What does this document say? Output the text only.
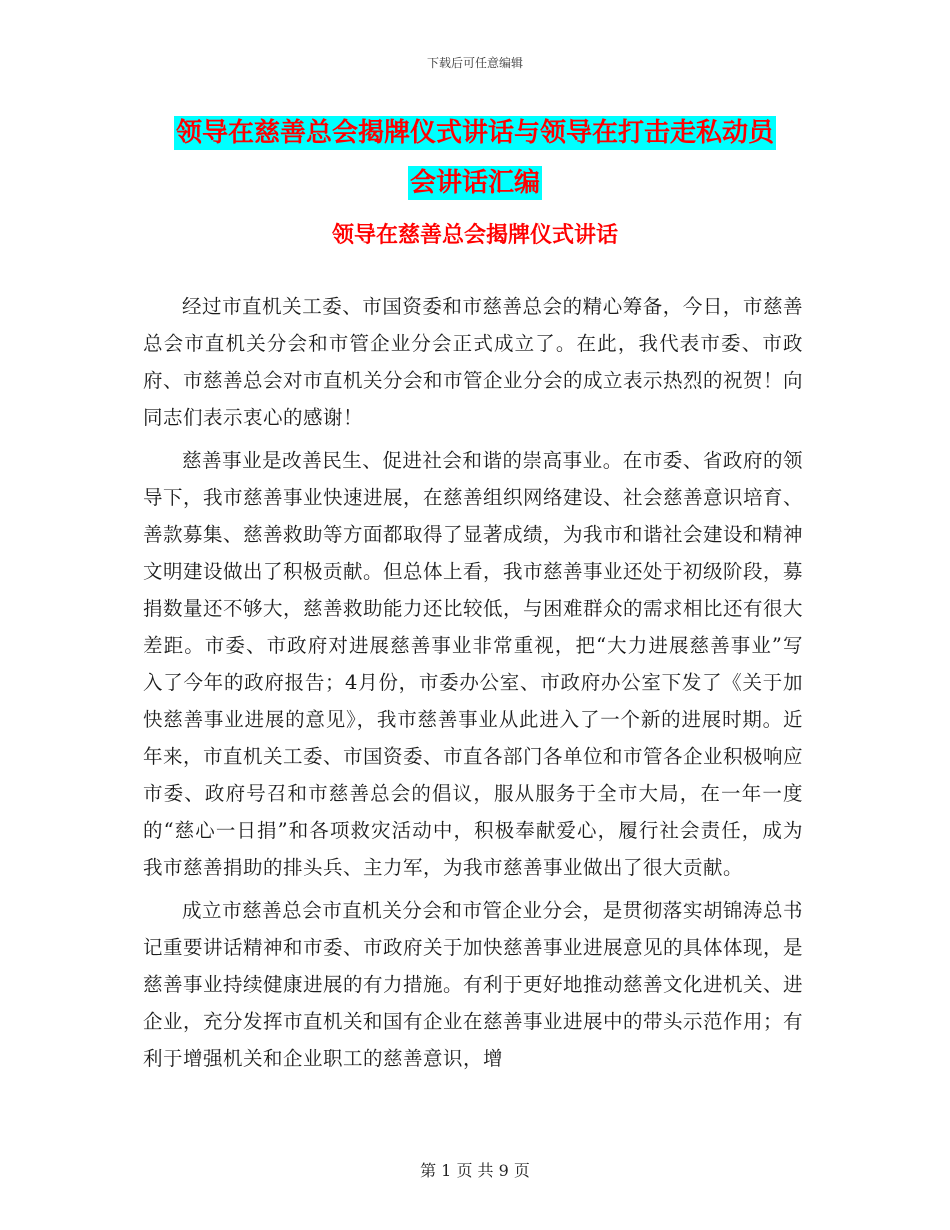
下载后可任意编辑
领导在慈善总会揭牌仪式讲话与领导在打击走私动员
会讲话汇编
领导在慈善总会揭牌仪式讲话

经过市直机关工委、市国资委和市慈善总会的精心筹备，今日，市慈善总会市直机关分会和市管企业分会正式成立了。在此，我代表市委、市政府、市慈善总会对市直机关分会和市管企业分会的成立表示热烈的祝贺！向同志们表示衷心的感谢！

慈善事业是改善民生、促进社会和谐的崇高事业。在市委、省政府的领导下，我市慈善事业快速进展，在慈善组织网络建设、社会慈善意识培育、善款募集、慈善救助等方面都取得了显著成绩，为我市和谐社会建设和精神文明建设做出了积极贡献。但总体上看，我市慈善事业还处于初级阶段，募捐数量还不够大，慈善救助能力还比较低，与困难群众的需求相比还有很大差距。市委、市政府对进展慈善事业非常重视，把“大力进展慈善事业”写入了今年的政府报告；4月份，市委办公室、市政府办公室下发了《关于加快慈善事业进展的意见》，我市慈善事业从此进入了一个新的进展时期。近年来，市直机关工委、市国资委、市直各部门各单位和市管各企业积极响应市委、政府号召和市慈善总会的倡议，服从服务于全市大局，在一年一度的“慈心一日捐”和各项救灾活动中，积极奉献爱心，履行社会责任，成为我市慈善捐助的排头兵、主力军，为我市慈善事业做出了很大贡献。

成立市慈善总会市直机关分会和市管企业分会，是贯彻落实胡锦涛总书记重要讲话精神和市委、市政府关于加快慈善事业进展意见的具体体现，是慈善事业持续健康进展的有力措施。有利于更好地推动慈善文化进机关、进企业，充分发挥市直机关和国有企业在慈善事业进展中的带头示范作用；有利于增强机关和企业职工的慈善意识，增

第 1 页 共 9 页
